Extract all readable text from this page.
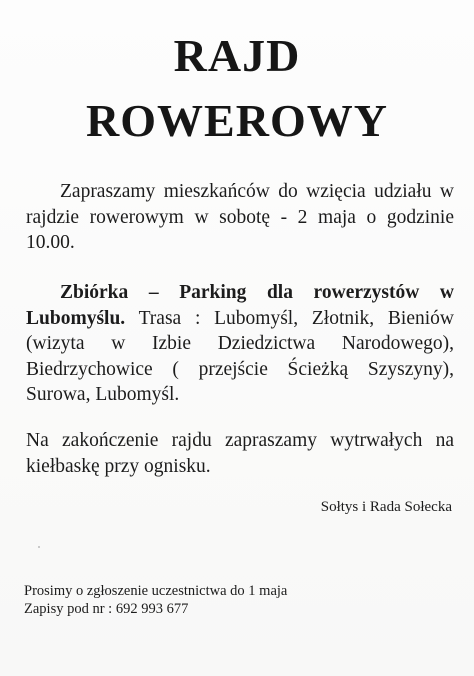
RAJD
ROWEROWY

Zapraszamy mieszkańców do wzięcia udziału w rajdzie rowerowym w sobotę - 2 maja o godzinie 10.00.

Zbiórka – Parking dla rowerzystów w Lubomyślu. Trasa : Lubomyśl, Złotnik, Bieniów (wizyta w Izbie Dziedzictwa Narodowego), Biedrzychowice ( przejście Ścieżką Szyszyny), Surowa, Lubomyśl.

Na zakończenie rajdu zapraszamy wytrwałych na kiełbaskę przy ognisku.

Sołtys i Rada Sołecka
Prosimy o zgłoszenie uczestnictwa do 1 maja
Zapisy pod nr : 692 993 677
